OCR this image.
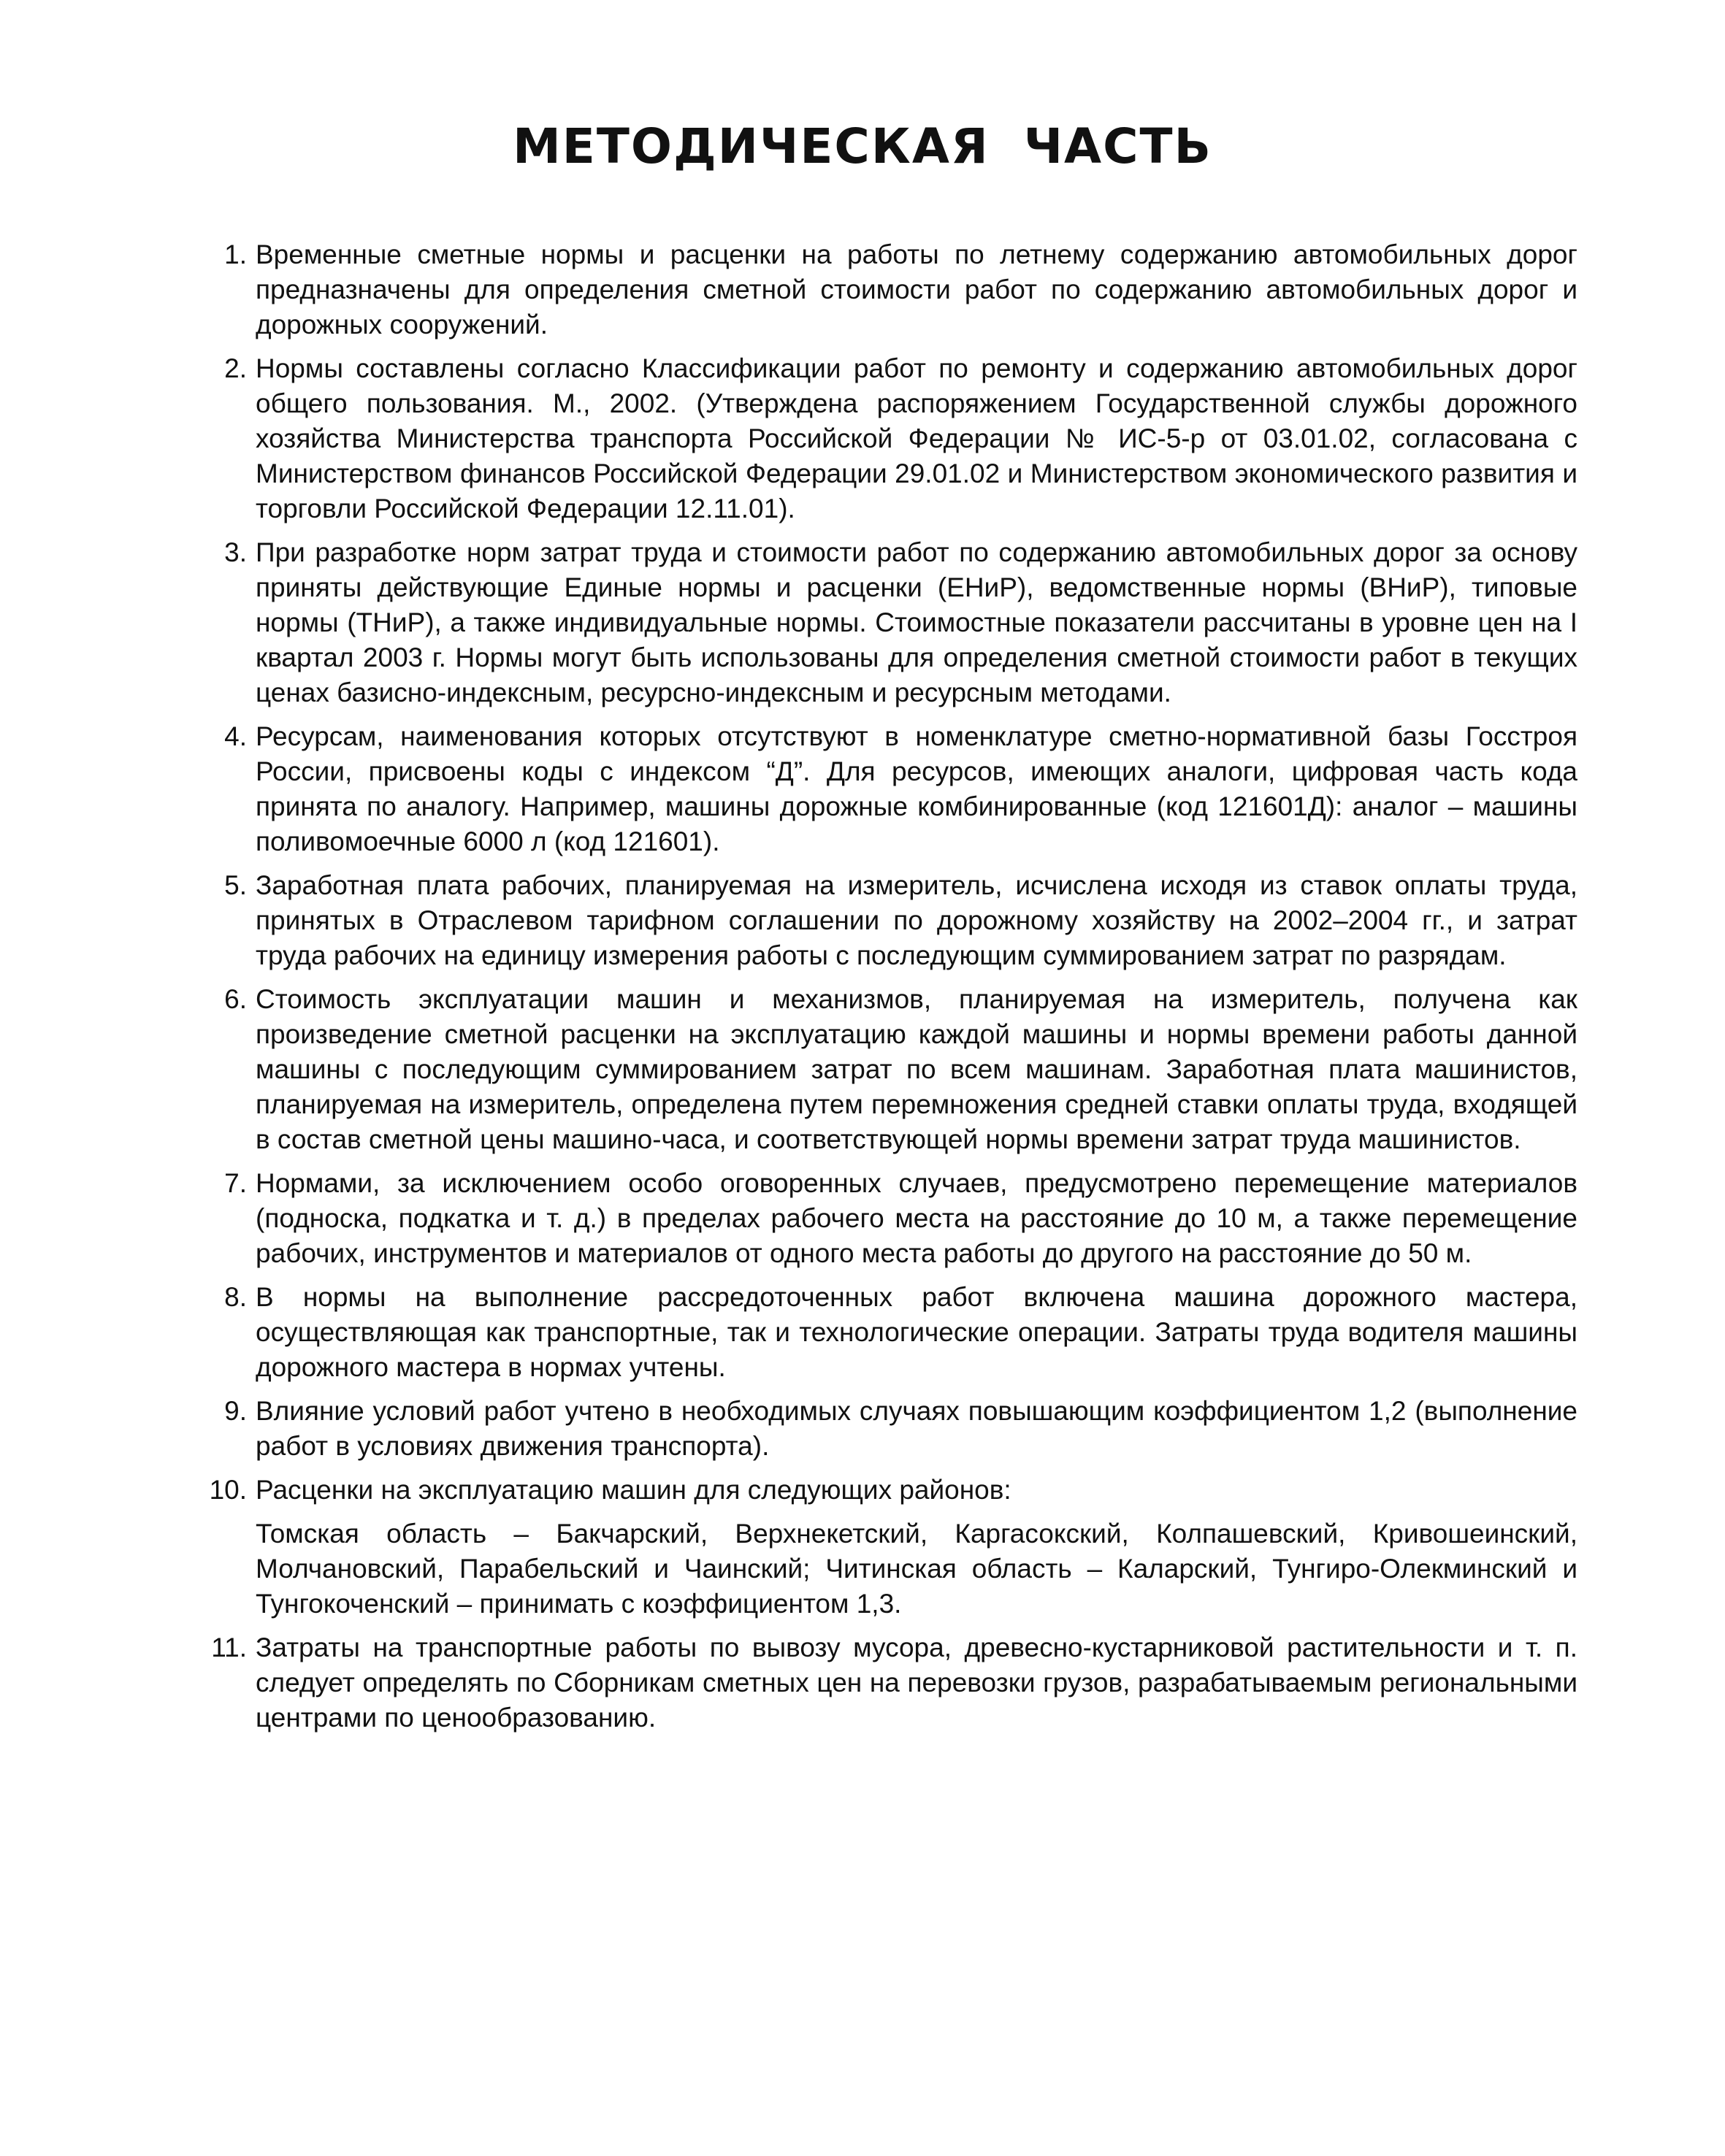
МЕТОДИЧЕСКАЯ ЧАСТЬ
1. Временные сметные нормы и расценки на работы по летнему содержанию автомобильных дорог предназначены для определения сметной стоимости работ по содержанию автомобильных дорог и дорожных сооружений.

2. Нормы составлены согласно Классификации работ по ремонту и содержанию автомобильных дорог общего пользования. М., 2002. (Утверждена распоряжением Государственной службы дорожного хозяйства Министерства транспорта Российской Федерации № ИС-5-р от 03.01.02, согласована с Министерством финансов Российской Федерации 29.01.02 и Министерством экономического развития и торговли Российской Федерации 12.11.01).

3. При разработке норм затрат труда и стоимости работ по содержанию автомобильных дорог за основу приняты действующие Единые нормы и расценки (ЕНиР), ведомственные нормы (ВНиР), типовые нормы (ТНиР), а также индивидуальные нормы. Стоимостные показатели рассчитаны в уровне цен на I квартал 2003 г. Нормы могут быть использованы для определения сметной стоимости работ в текущих ценах базисно-индексным, ресурсно-индексным и ресурсным методами.

4. Ресурсам, наименования которых отсутствуют в номенклатуре сметно-нормативной базы Госстроя России, присвоены коды с индексом “Д”. Для ресурсов, имеющих аналоги, цифровая часть кода принята по аналогу. Например, машины дорожные комбинированные (код 121601Д): аналог – машины поливомоечные 6000 л (код 121601).

5. Заработная плата рабочих, планируемая на измеритель, исчислена исходя из ставок оплаты труда, принятых в Отраслевом тарифном соглашении по дорожному хозяйству на 2002–2004 гг., и затрат труда рабочих на единицу измерения работы с последующим суммированием затрат по разрядам.

6. Стоимость эксплуатации машин и механизмов, планируемая на измеритель, получена как произведение сметной расценки на эксплуатацию каждой машины и нормы времени работы данной машины с последующим суммированием затрат по всем машинам. Заработная плата машинистов, планируемая на измеритель, определена путем перемножения средней ставки оплаты труда, входящей в состав сметной цены машино-часа, и соответствующей нормы времени затрат труда машинистов.

7. Нормами, за исключением особо оговоренных случаев, предусмотрено перемещение материалов (подноска, подкатка и т. д.) в пределах рабочего места на расстояние до 10 м, а также перемещение рабочих, инструментов и материалов от одного места работы до другого на расстояние до 50 м.

8. В нормы на выполнение рассредоточенных работ включена машина дорожного мастера, осуществляющая как транспортные, так и технологические операции. Затраты труда водителя машины дорожного мастера в нормах учтены.

9. Влияние условий работ учтено в необходимых случаях повышающим коэффициентом 1,2 (выполнение работ в условиях движения транспорта).

10. Расценки на эксплуатацию машин для следующих районов:

Томская область – Бакчарский, Верхнекетский, Каргасокский, Колпашевский, Кривошеинский, Молчановский, Парабельский и Чаинский; Читинская область – Каларский, Тунгиро-Олекминский и Тунгокоченский – принимать с коэффициентом 1,3.

11. Затраты на транспортные работы по вывозу мусора, древесно-кустарниковой растительности и т. п. следует определять по Сборникам сметных цен на перевозки грузов, разрабатываемым региональными центрами по ценообразованию.
